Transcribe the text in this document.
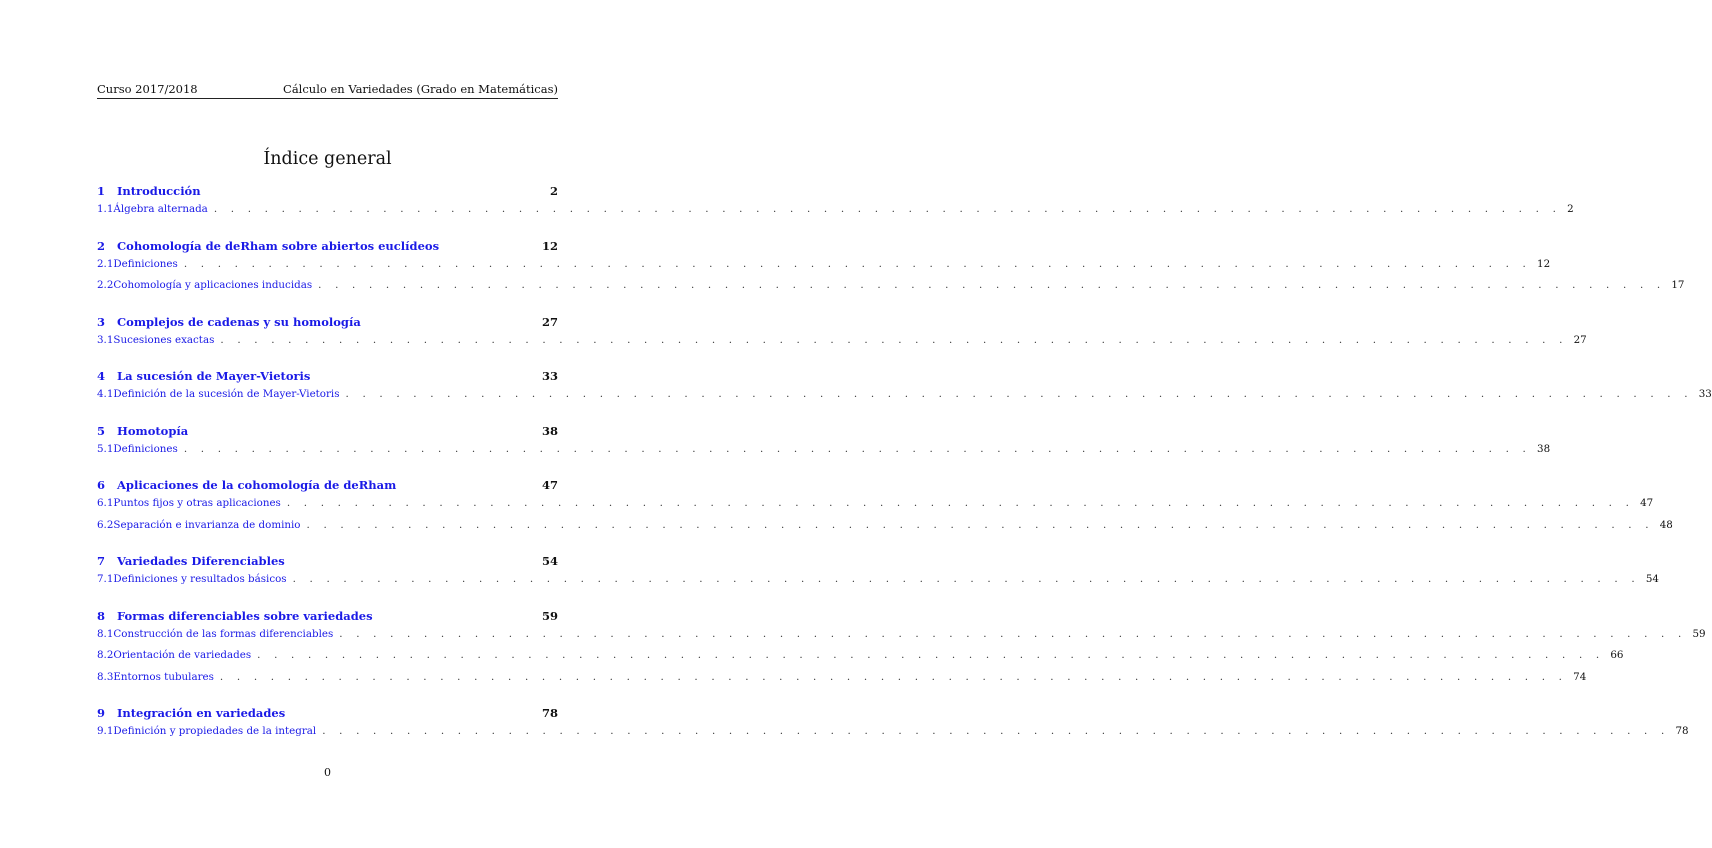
Curso 2017/2018	Cálculo en Variedades (Grado en Matemáticas)
Índice general
1	Introducción	2
1.1 Álgebra alternada . . . . . . . . . . . . . . . . . . . . . . . . . . . . . . . . . . . . . . . . . . . . . . . . . . . . . . . . . . . . . . . . . . . . . . . . . . . . . . . . 2
2	Cohomología de deRham sobre abiertos euclídeos	12
2.1 Definiciones . . . . . . . . . . . . . . . . . . . . . . . . . . . . . . . . . . . . . . . . . . . . . . . . . . . . . . . . . . . . . . . . . . . . . . . . . . . . . . . . 12
2.2 Cohomología y aplicaciones inducidas . . . . . . . . . . . . . . . . . . . . . . . . . . . . . . . . . . . . . . . . . . . . . . . . . . . . . . . . . . . . . . . . . . . . . . . . . . . . . . . . 17
3	Complejos de cadenas y su homología	27
3.1 Sucesiones exactas . . . . . . . . . . . . . . . . . . . . . . . . . . . . . . . . . . . . . . . . . . . . . . . . . . . . . . . . . . . . . . . . . . . . . . . . . . . . . . . . 27
4	La sucesión de Mayer-Vietoris	33
4.1 Definición de la sucesión de Mayer-Vietoris . . . . . . . . . . . . . . . . . . . . . . . . . . . . . . . . . . . . . . . . . . . . . . . . . . . . . . . . . . . . . . . . . . . . . . . . . . . . . . . . 33
5	Homotopía	38
5.1 Definiciones . . . . . . . . . . . . . . . . . . . . . . . . . . . . . . . . . . . . . . . . . . . . . . . . . . . . . . . . . . . . . . . . . . . . . . . . . . . . . . . . 38
6	Aplicaciones de la cohomología de deRham	47
6.1 Puntos fijos y otras aplicaciones . . . . . . . . . . . . . . . . . . . . . . . . . . . . . . . . . . . . . . . . . . . . . . . . . . . . . . . . . . . . . . . . . . . . . . . . . . . . . . . . 47
6.2 Separación e invarianza de dominio . . . . . . . . . . . . . . . . . . . . . . . . . . . . . . . . . . . . . . . . . . . . . . . . . . . . . . . . . . . . . . . . . . . . . . . . . . . . . . . . 48
7	Variedades Diferenciables	54
7.1 Definiciones y resultados básicos . . . . . . . . . . . . . . . . . . . . . . . . . . . . . . . . . . . . . . . . . . . . . . . . . . . . . . . . . . . . . . . . . . . . . . . . . . . . . . . . 54
8	Formas diferenciables sobre variedades	59
8.1 Construcción de las formas diferenciables . . . . . . . . . . . . . . . . . . . . . . . . . . . . . . . . . . . . . . . . . . . . . . . . . . . . . . . . . . . . . . . . . . . . . . . . . . . . . . . . 59
8.2 Orientación de variedades . . . . . . . . . . . . . . . . . . . . . . . . . . . . . . . . . . . . . . . . . . . . . . . . . . . . . . . . . . . . . . . . . . . . . . . . . . . . . . . . 66
8.3 Entornos tubulares . . . . . . . . . . . . . . . . . . . . . . . . . . . . . . . . . . . . . . . . . . . . . . . . . . . . . . . . . . . . . . . . . . . . . . . . . . . . . . . . 74
9	Integración en variedades	78
9.1 Definición y propiedades de la integral . . . . . . . . . . . . . . . . . . . . . . . . . . . . . . . . . . . . . . . . . . . . . . . . . . . . . . . . . . . . . . . . . . . . . . . . . . . . . . . . 78
0
